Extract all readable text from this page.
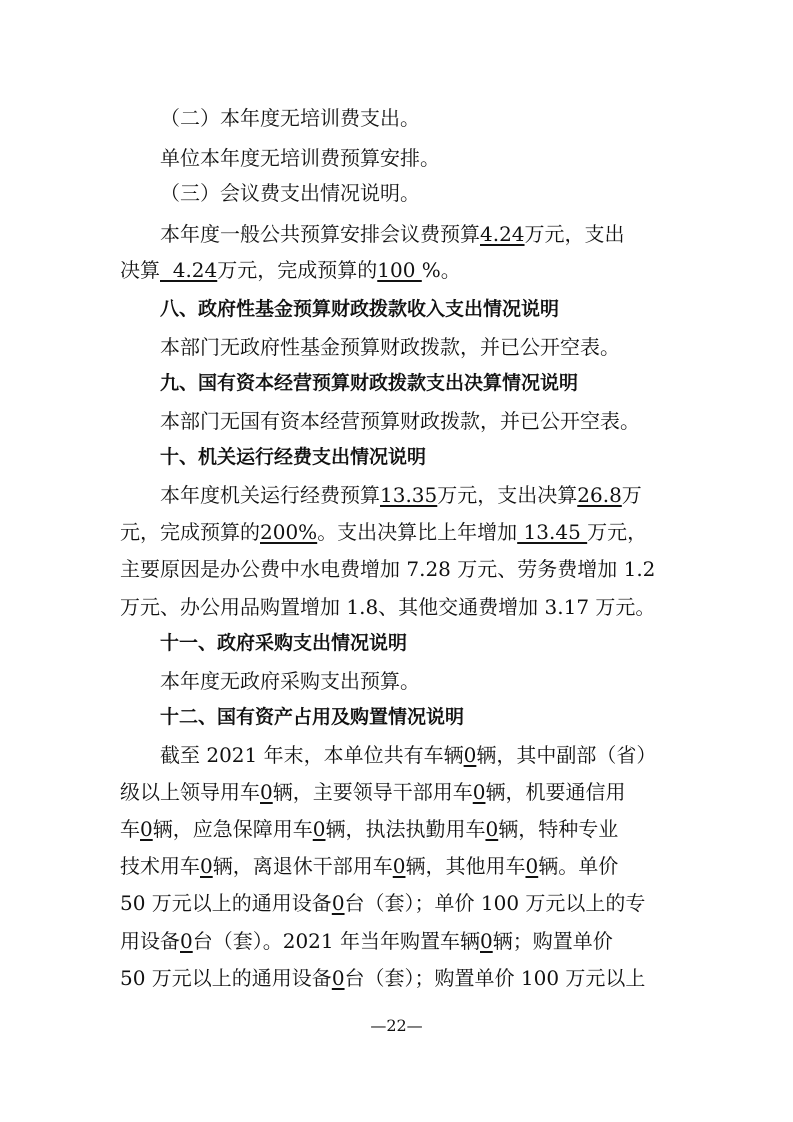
（二）本年度无培训费支出。
单位本年度无培训费预算安排。
（三）会议费支出情况说明。
本年度一般公共预算安排会议费预算4.24万元，支出
决算  4.24万元，完成预算的100 %。
八、政府性基金预算财政拨款收入支出情况说明
本部门无政府性基金预算财政拨款，并已公开空表。
九、国有资本经营预算财政拨款支出决算情况说明
本部门无国有资本经营预算财政拨款，并已公开空表。
十、机关运行经费支出情况说明
本年度机关运行经费预算13.35万元，支出决算26.8万
元，完成预算的200%。支出决算比上年增加 13.45 万元，
主要原因是办公费中水电费增加 7.28 万元、劳务费增加 1.2
万元、办公用品购置增加 1.8、其他交通费增加 3.17 万元。
十一、政府采购支出情况说明
本年度无政府采购支出预算。
十二、国有资产占用及购置情况说明
截至 2021 年末，本单位共有车辆0辆，其中副部（省）
级以上领导用车0辆，主要领导干部用车0辆，机要通信用
车0辆，应急保障用车0辆，执法执勤用车0辆，特种专业
技术用车0辆，离退休干部用车0辆，其他用车0辆。单价
50 万元以上的通用设备0台（套）；单价 100 万元以上的专
用设备0台（套）。2021 年当年购置车辆0辆；购置单价
50 万元以上的通用设备0台（套）；购置单价 100 万元以上
—22—
